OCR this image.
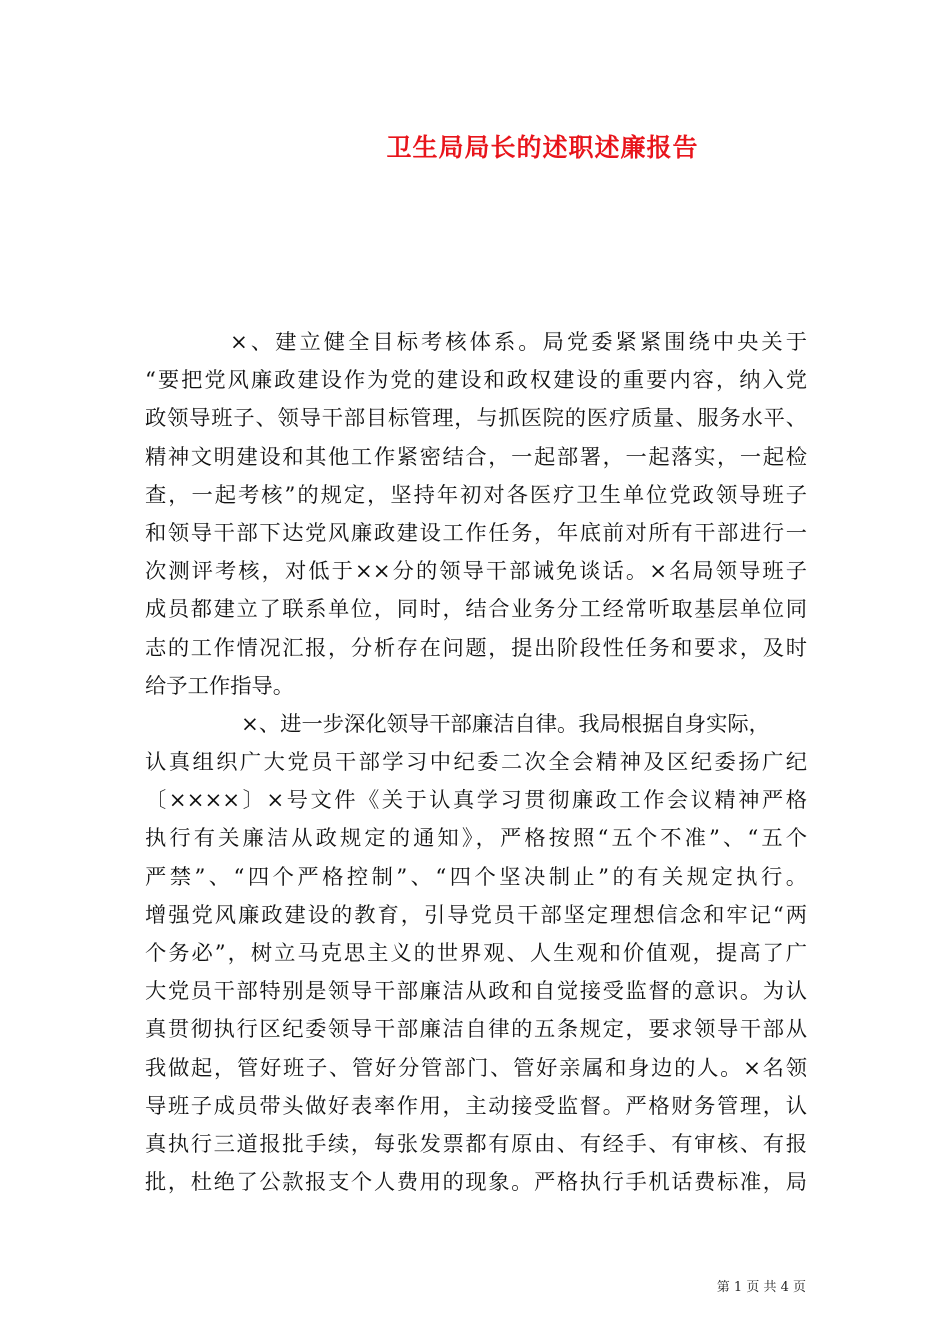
卫生局局长的述职述廉报告
×、建立健全目标考核体系。局党委紧紧围绕中央关于
“要把党风廉政建设作为党的建设和政权建设的重要内容，纳入党
政领导班子、领导干部目标管理，与抓医院的医疗质量、服务水平、
精神文明建设和其他工作紧密结合，一起部署，一起落实，一起检
查，一起考核”的规定，坚持年初对各医疗卫生单位党政领导班子
和领导干部下达党风廉政建设工作任务，年底前对所有干部进行一
次测评考核，对低于××分的领导干部诫免谈话。×名局领导班子
成员都建立了联系单位，同时，结合业务分工经常听取基层单位同
志的工作情况汇报，分析存在问题，提出阶段性任务和要求，及时
给予工作指导。
×、进一步深化领导干部廉洁自律。我局根据自身实际，
认真组织广大党员干部学习中纪委二次全会精神及区纪委扬广纪
〔××××〕×号文件《关于认真学习贯彻廉政工作会议精神严格
执行有关廉洁从政规定的通知》，严格按照“五个不准”、“五个
严禁”、“四个严格控制”、“四个坚决制止”的有关规定执行。
增强党风廉政建设的教育，引导党员干部坚定理想信念和牢记“两
个务必”，树立马克思主义的世界观、人生观和价值观，提高了广
大党员干部特别是领导干部廉洁从政和自觉接受监督的意识。为认
真贯彻执行区纪委领导干部廉洁自律的五条规定，要求领导干部从
我做起，管好班子、管好分管部门、管好亲属和身边的人。×名领
导班子成员带头做好表率作用，主动接受监督。严格财务管理，认
真执行三道报批手续，每张发票都有原由、有经手、有审核、有报
批，杜绝了公款报支个人费用的现象。严格执行手机话费标准，局
第 1 页 共 4 页
